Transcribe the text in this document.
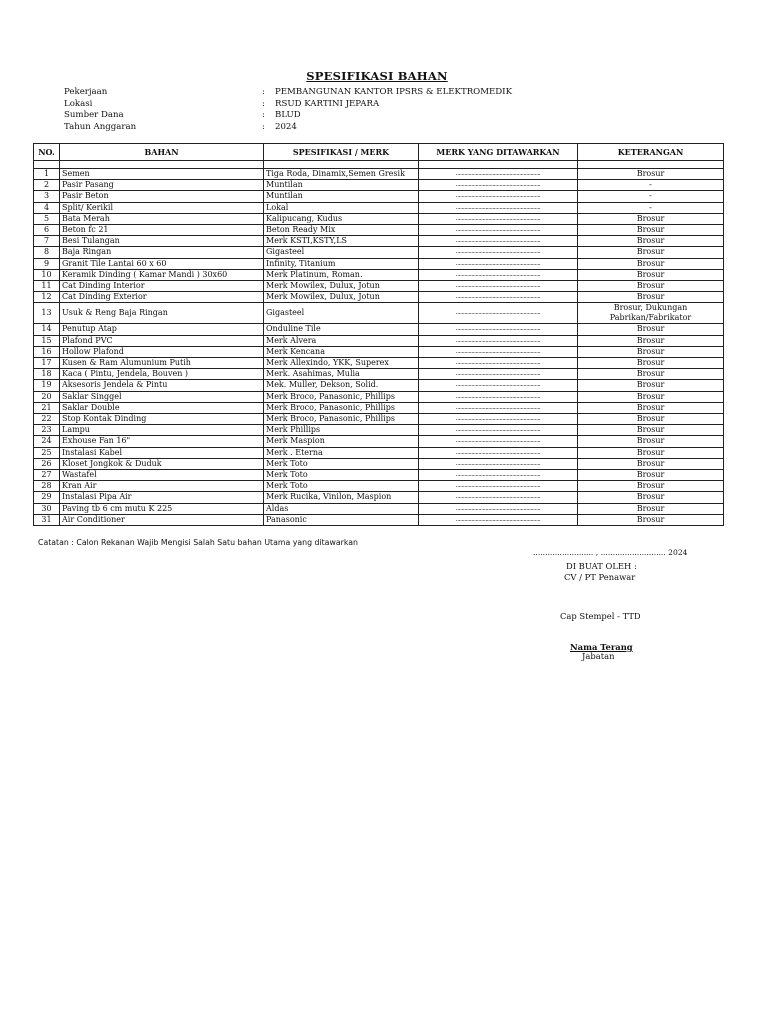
SPESIFIKASI BAHAN
Pekerjaan	:	PEMBANGUNAN KANTOR IPSRS & ELEKTROMEDIK
Lokasi	:	RSUD KARTINI JEPARA
Sumber Dana	:	BLUD
Tahun Anggaran	:	2024
NO.	BAHAN	SPESIFIKASI / MERK	MERK YANG DITAWARKAN	KETERANGAN

1	Semen	Tiga Roda, Dinamix,Semen Gresik	............................................................	Brosur
2	Pasir Pasang	Muntilan	............................................................	-
3	Pasir Beton	Muntilan	............................................................	-
4	Split/ Kerikil	Lokal	............................................................	-
5	Bata Merah	Kalipucang, Kudus	............................................................	Brosur
6	Beton fc 21	Beton Ready Mix	............................................................	Brosur
7	Besi Tulangan	Merk KSTI,KSTY,LS	............................................................	Brosur
8	Baja Ringan	Gigasteel	............................................................	Brosur
9	Granit Tile Lantai 60 x 60	Infinity, Titanium	............................................................	Brosur
10	Keramik Dinding ( Kamar Mandi ) 30x60	Merk Platinum, Roman.	............................................................	Brosur
11	Cat Dinding Interior	Merk Mowilex, Dulux, Jotun	............................................................	Brosur
12	Cat Dinding Exterior	Merk Mowilex, Dulux, Jotun	............................................................	Brosur
13	Usuk & Reng Baja Ringan	Gigasteel	............................................................	Brosur, Dukungan Pabrikan/Fabrikator
14	Penutup Atap	Onduline Tile	............................................................	Brosur
15	Plafond PVC	Merk Alvera	............................................................	Brosur
16	Hollow Plafond	Merk Kencana	............................................................	Brosur
17	Kusen & Ram Alumunium Putih	Merk Allexindo, YKK, Superex	............................................................	Brosur
18	Kaca ( Pintu, Jendela, Bouven )	Merk. Asahimas, Mulia	............................................................	Brosur
19	Aksesoris Jendela & Pintu	Mek. Muller, Dekson, Solid.	............................................................	Brosur
20	Saklar Singgel	Merk Broco, Panasonic, Phillips	............................................................	Brosur
21	Saklar Double	Merk Broco, Panasonic, Phillips	............................................................	Brosur
22	Stop Kontak Dinding	Merk Broco, Panasonic, Phillips	............................................................	Brosur
23	Lampu	Merk Phillips	............................................................	Brosur
24	Exhouse Fan 16"	Merk Maspion	............................................................	Brosur
25	Instalasi Kabel	Merk . Eterna	............................................................	Brosur
26	Kloset Jongkok & Duduk	Merk Toto	............................................................	Brosur
27	Wastafel	Merk Toto	............................................................	Brosur
28	Kran Air	Merk Toto	............................................................	Brosur
29	Instalasi Pipa Air	Merk Rucika, Vinilon, Maspion	............................................................	Brosur
30	Paving tb 6 cm mutu K 225	Aldas	............................................................	Brosur
31	Air Conditioner	Panasonic	............................................................	Brosur
Catatan : Calon Rekanan Wajib Mengisi Salah Satu bahan Utama yang ditawarkan
......................... , ........................... 2024
DI BUAT OLEH :
CV / PT Penawar
Cap Stempel - TTD
Nama Terang
Jabatan
